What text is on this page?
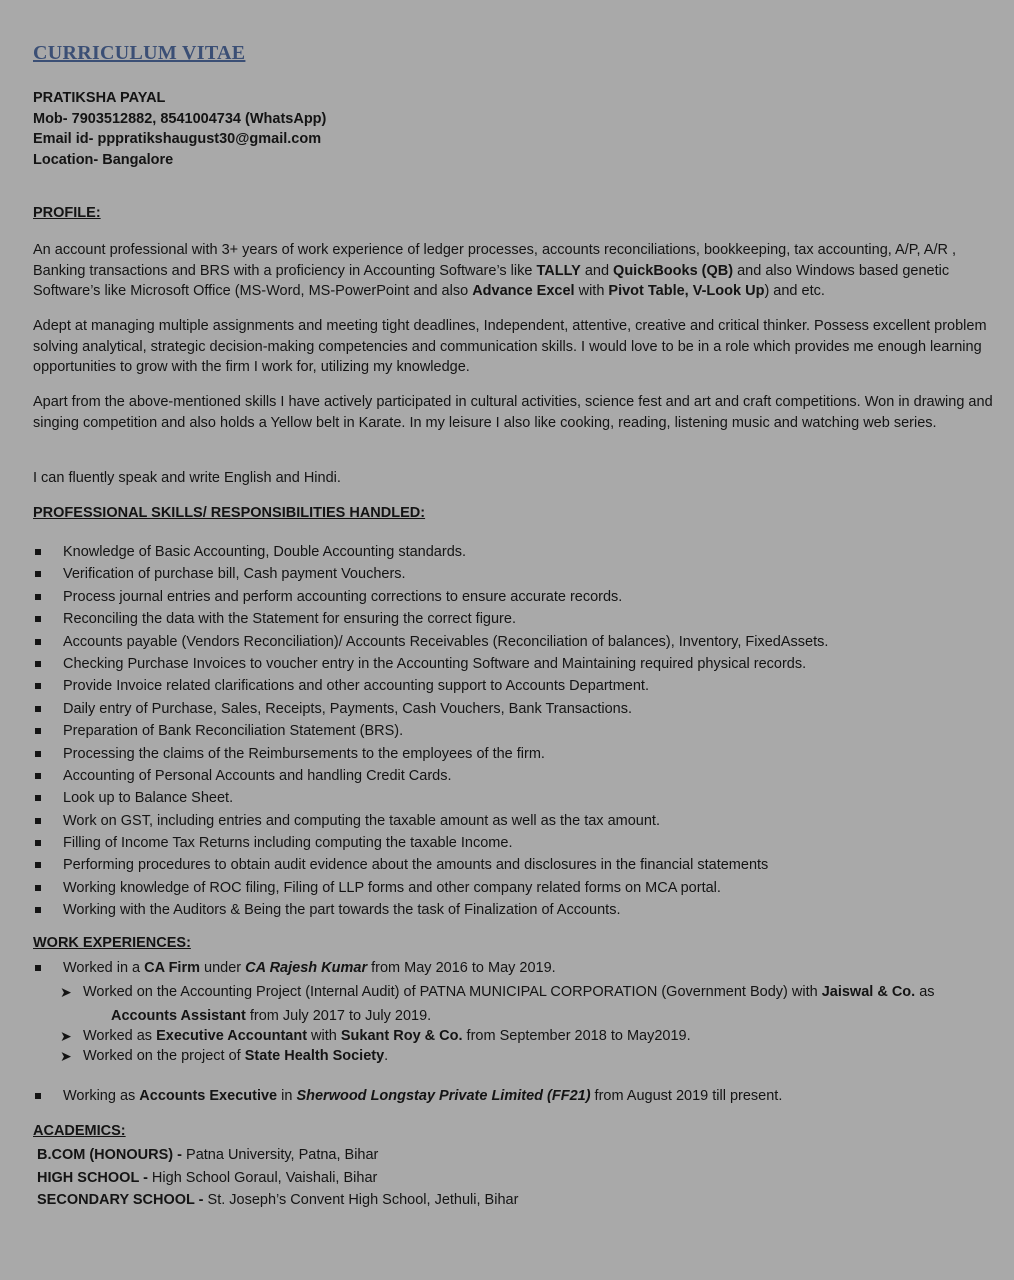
CURRICULUM VITAE
PRATIKSHA PAYAL
Mob- 7903512882, 8541004734 (WhatsApp)
Email id- pppratikshaugust30@gmail.com
Location- Bangalore
PROFILE:

An account professional with 3+ years of work experience of ledger processes, accounts reconciliations, bookkeeping, tax accounting, A/P, A/R , Banking transactions and BRS with a proficiency in Accounting Software’s like TALLY and QuickBooks (QB) and also Windows based genetic Software’s like Microsoft Office (MS-Word, MS-PowerPoint and also Advance Excel with Pivot Table, V-Look Up) and etc.

Adept at managing multiple assignments and meeting tight deadlines, Independent, attentive, creative and critical thinker. Possess excellent problem solving analytical, strategic decision-making competencies and communication skills. I would love to be in a role which provides me enough learning opportunities to grow with the firm I work for, utilizing my knowledge.

Apart from the above-mentioned skills I have actively participated in cultural activities, science fest and art and craft competitions. Won in drawing and singing competition and also holds a Yellow belt in Karate. In my leisure I also like cooking, reading, listening music and watching web series.

I can fluently speak and write English and Hindi.

PROFESSIONAL SKILLS/ RESPONSIBILITIES HANDLED:
Knowledge of Basic Accounting, Double Accounting standards.
Verification of purchase bill, Cash payment Vouchers.
Process journal entries and perform accounting corrections to ensure accurate records.
Reconciling the data with the Statement for ensuring the correct figure.
Accounts payable (Vendors Reconciliation)/ Accounts Receivables (Reconciliation of balances), Inventory, FixedAssets.
Checking Purchase Invoices to voucher entry in the Accounting Software and Maintaining required physical records.
Provide Invoice related clarifications and other accounting support to Accounts Department.
Daily entry of Purchase, Sales, Receipts, Payments, Cash Vouchers, Bank Transactions.
Preparation of Bank Reconciliation Statement (BRS).
Processing the claims of the Reimbursements to the employees of the firm.
Accounting of Personal Accounts and handling Credit Cards.
Look up to Balance Sheet.
Work on GST, including entries and computing the taxable amount as well as the tax amount.
Filling of Income Tax Returns including computing the taxable Income.
Performing procedures to obtain audit evidence about the amounts and disclosures in the financial statements
Working knowledge of ROC filing, Filing of LLP forms and other company related forms on MCA portal.
Working with the Auditors & Being the part towards the task of Finalization of Accounts.
WORK EXPERIENCES:
Worked in a CA Firm under CA Rajesh Kumar from May 2016 to May 2019.
➤ Worked on the Accounting Project (Internal Audit) of PATNA MUNICIPAL CORPORATION (Government Body) with Jaiswal & Co. as
Accounts Assistant from July 2017 to July 2019.
➤ Worked as Executive Accountant with Sukant Roy & Co. from September 2018 to May2019.
➤ Worked on the project of State Health Society.
Working as Accounts Executive in Sherwood Longstay Private Limited (FF21) from August 2019 till present.
ACADEMICS:
B.COM (HONOURS) - Patna University, Patna, Bihar
HIGH SCHOOL - High School Goraul, Vaishali, Bihar
SECONDARY SCHOOL - St. Joseph’s Convent High School, Jethuli, Bihar
